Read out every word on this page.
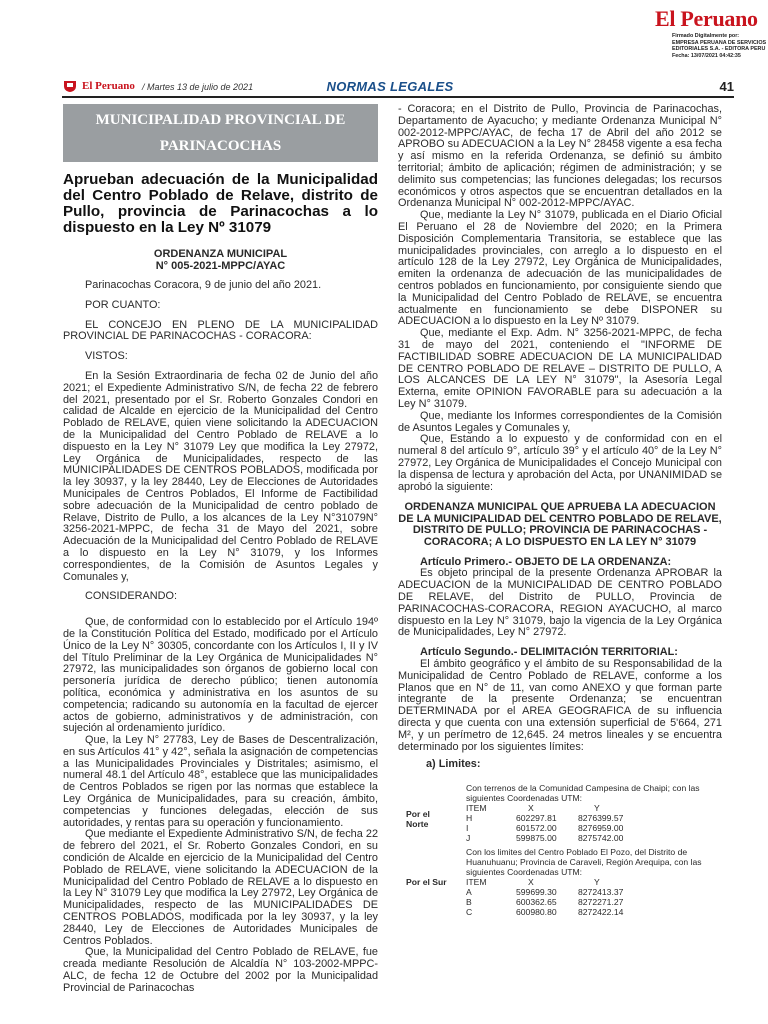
El Peruano
Firmado Digitalmente por:
EMPRESA PERUANA DE SERVICIOS
EDITORIALES S.A. - EDITORA PERU
Fecha: 13/07/2021 04:42:35
El Peruano / Martes 13 de julio de 2021	NORMAS LEGALES	41
MUNICIPALIDAD PROVINCIAL DE PARINACOCHAS
Aprueban adecuación de la Municipalidad del Centro Poblado de Relave, distrito de Pullo, provincia de Parinacochas a lo dispuesto en la Ley Nº 31079
ORDENANZA MUNICIPAL
N° 005-2021-MPPC/AYAC

Parinacochas Coracora, 9 de junio del año 2021.

POR CUANTO:

EL CONCEJO EN PLENO DE LA MUNICIPALIDAD PROVINCIAL DE PARINACOCHAS - CORACORA:

VISTOS:

En la Sesión Extraordinaria de fecha 02 de Junio del año 2021; el Expediente Administrativo S/N, de fecha 22 de febrero del 2021, presentado por el Sr. Roberto Gonzales Condori en calidad de Alcalde en ejercicio de la Municipalidad del Centro Poblado de RELAVE, quien viene solicitando la ADECUACION de la Municipalidad del Centro Poblado de RELAVE a lo dispuesto en la Ley N° 31079 Ley que modifica la Ley 27972, Ley Orgánica de Municipalidades, respecto de las MUNICIPALIDADES DE CENTROS POBLADOS, modificada por la ley 30937, y la ley 28440, Ley de Elecciones de Autoridades Municipales de Centros Poblados, El Informe de Factibilidad sobre adecuación de la Municipalidad de centro poblado de Relave, Distrito de Pullo, a los alcances de la Ley N°31079N° 3256-2021-MPPC, de fecha 31 de Mayo del 2021, sobre Adecuación de la Municipalidad del Centro Poblado de RELAVE a lo dispuesto en la Ley N° 31079, y los Informes correspondientes, de la Comisión de Asuntos Legales y Comunales y,

CONSIDERANDO:

Que, de conformidad con lo establecido por el Artículo 194º de la Constitución Política del Estado, modificado por el Artículo Único de la Ley N° 30305, concordante con los Artículos I, II y IV del Título Preliminar de la Ley Orgánica de Municipalidades N° 27972, las municipalidades son órganos de gobierno local con personería jurídica de derecho público; tienen autonomía política, económica y administrativa en los asuntos de su competencia; radicando su autonomía en la facultad de ejercer actos de gobierno, administrativos y de administración, con sujeción al ordenamiento jurídico.

Que, la Ley N° 27783, Ley de Bases de Descentralización, en sus Artículos 41° y 42°, señala la asignación de competencias a las Municipalidades Provinciales y Distritales; asimismo, el numeral 48.1 del Artículo 48°, establece que las municipalidades de Centros Poblados se rigen por las normas que establece la Ley Orgánica de Municipalidades, para su creación, ámbito, competencias y funciones delegadas, elección de sus autoridades, y rentas para su operación y funcionamiento.

Que mediante el Expediente Administrativo S/N, de fecha 22 de febrero del 2021, el Sr. Roberto Gonzales Condori, en su condición de Alcalde en ejercicio de la Municipalidad del Centro Poblado de RELAVE, viene solicitando la ADECUACION de la Municipalidad del Centro Poblado de RELAVE a lo dispuesto en la Ley N° 31079 Ley que modifica la Ley 27972, Ley Orgánica de Municipalidades, respecto de las MUNICIPALIDADES DE CENTROS POBLADOS, modificada por la ley 30937, y la ley 28440, Ley de Elecciones de Autoridades Municipales de Centros Poblados.

Que, la Municipalidad del Centro Poblado de RELAVE, fue creada mediante Resolución de Alcaldía N° 103-2002-MPPC-ALC, de fecha 12 de Octubre del 2002 por la Municipalidad Provincial de Parinacochas

- Coracora; en el Distrito de Pullo, Provincia de Parinacochas, Departamento de Ayacucho; y mediante Ordenanza Municipal N° 002-2012-MPPC/AYAC, de fecha 17 de Abril del año 2012 se APROBO su ADECUACION a la Ley N° 28458 vigente a esa fecha y así mismo en la referida Ordenanza, se definió su ámbito territorial; ámbito de aplicación; régimen de administración; y se delimito sus competencias; las funciones delegadas; los recursos económicos y otros aspectos que se encuentran detallados en la Ordenanza Municipal N° 002-2012-MPPC/AYAC.

Que, mediante la Ley N° 31079, publicada en el Diario Oficial El Peruano el 28 de Noviembre del 2020; en la Primera Disposición Complementaria Transitoria, se establece que las municipalidades provinciales, con arreglo a lo dispuesto en el artículo 128 de la Ley 27972, Ley Orgánica de Municipalidades, emiten la ordenanza de adecuación de las municipalidades de centros poblados en funcionamiento, por consiguiente siendo que la Municipalidad del Centro Poblado de RELAVE, se encuentra actualmente en funcionamiento se debe DISPONER su ADECUACION a lo dispuesto en la Ley Nº 31079.

Que, mediante el Exp. Adm. N° 3256-2021-MPPC, de fecha 31 de mayo del 2021, conteniendo el "INFORME DE FACTIBILIDAD SOBRE ADECUACION DE LA MUNICIPALIDAD DE CENTRO POBLADO DE RELAVE – DISTRITO DE PULLO, A LOS ALCANCES DE LA LEY N° 31079", la Asesoría Legal Externa, emite OPINION FAVORABLE para su adecuación a la Ley N° 31079.

Que, mediante los Informes correspondientes de la Comisión de Asuntos Legales y Comunales y,

Que, Estando a lo expuesto y de conformidad con en el numeral 8 del artículo 9°, artículo 39° y el artículo 40° de la Ley N° 27972, Ley Orgánica de Municipalidades el Concejo Municipal con la dispensa de lectura y aprobación del Acta, por UNANIMIDAD se aprobó la siguiente:

ORDENANZA MUNICIPAL QUE APRUEBA LA ADECUACION DE LA MUNICIPALIDAD DEL CENTRO POBLADO DE RELAVE, DISTRITO DE PULLO; PROVINCIA DE PARINACOCHAS - CORACORA; A LO DISPUESTO EN LA LEY N° 31079

Artículo Primero.- OBJETO DE LA ORDENANZA:

Es objeto principal de la presente Ordenanza APROBAR la ADECUACION de la MUNICIPALIDAD DE CENTRO POBLADO DE RELAVE, del Distrito de PULLO, Provincia de PARINACOCHAS-CORACORA, REGION AYACUCHO, al marco dispuesto en la Ley N° 31079, bajo la vigencia de la Ley Orgánica de Municipalidades, Ley N° 27972.

Artículo Segundo.- DELIMITACIÓN TERRITORIAL:

El ámbito geográfico y el ámbito de su Responsabilidad de la Municipalidad de Centro Poblado de RELAVE, conforme a los Planos que en N° de 11, van como ANEXO y que forman parte integrante de la presente Ordenanza; se encuentran DETERMINADA por el AREA GEOGRAFICA de su influencia directa y que cuenta con una extensión superficial de 5'664, 271 M², y un perímetro de 12,645. 24 metros lineales y se encuentra determinado por los siguientes límites:

a) Limites:
Con terrenos de la Comunidad Campesina de Chaipi; con las siguientes Coordenadas UTM:
Por el
Norte
ITEM	X	Y
H	602297.81 8276399.57
I	601572.00 8276959.00
J	599875.00 8275742.00
Con los limites del Centro Poblado El Pozo, del Distrito de Huanuhuanu; Provincia de Caraveli, Región Arequipa, con las siguientes Coordenadas UTM:
Por el Sur	ITEM	X	Y
A	599699.30 8272413.37
B	600362.65 8272271.27
C	600980.80 8272422.14
